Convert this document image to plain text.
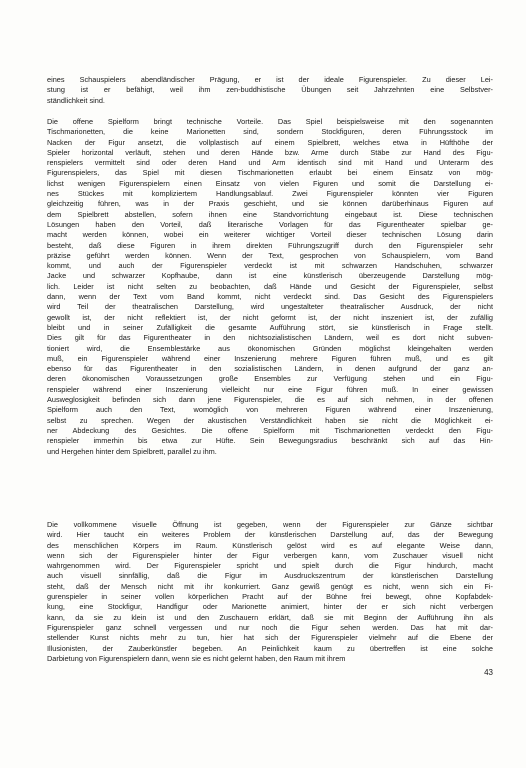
eines Schauspielers abendländischer Prägung, er ist der ideale Figurenspieler. Zu dieser Lei-
stung ist er befähigt, weil ihm zen-buddhistische Übungen seit Jahrzehnten eine Selbstver-
ständlichkeit sind.
Die offene Spielform bringt technische Vorteile. Das Spiel beispielsweise mit den sogenannten
Tischmarionetten, die keine Marionetten sind, sondern Stockfiguren, deren Führungsstock im
Nacken der Figur ansetzt, die vollplastisch auf einem Spielbrett, welches etwa in Hüfthöhe der
Spieler horizontal verläuft, stehen und deren Hände bzw. Arme durch Stäbe zur Hand des Figu-
renspielers vermittelt sind oder deren Hand und Arm identisch sind mit Hand und Unterarm des
Figurenspielers, das Spiel mit diesen Tischmarionetten erlaubt bei einem Einsatz von mög-
lichst wenigen Figurenspielern einen Einsatz von vielen Figuren und somit die Darstellung ei-
nes Stückes mit kompliziertem Handlungsablauf. Zwei Figurenspieler könnten vier Figuren
gleichzeitig führen, was in der Praxis geschieht, und sie können darüberhinaus Figuren auf
dem Spielbrett abstellen, sofern ihnen eine Standvorrichtung eingebaut ist. Diese technischen
Lösungen haben den Vorteil, daß literarische Vorlagen für das Figurentheater spielbar ge-
macht werden können, wobei ein weiterer wichtiger Vorteil dieser technischen Lösung darin
besteht, daß diese Figuren in ihrem direkten Führungszugriff durch den Figurenspieler sehr
präzise geführt werden können. Wenn der Text, gesprochen von Schauspielern, vom Band
kommt, und auch der Figurenspieler verdeckt ist mit schwarzen Handschuhen, schwarzer
Jacke und schwarzer Kopfhaube, dann ist eine künstlerisch überzeugende Darstellung mög-
lich. Leider ist nicht selten zu beobachten, daß Hände und Gesicht der Figurenspieler, selbst
dann, wenn der Text vom Band kommt, nicht verdeckt sind. Das Gesicht des Figurenspielers
wird Teil der theatralischen Darstellung, wird ungestalteter theatralischer Ausdruck, der nicht
gewollt ist, der nicht reflektiert ist, der nicht geformt ist, der nicht inszeniert ist, der zufällig
bleibt und in seiner Zufälligkeit die gesamte Aufführung stört, sie künstlerisch in Frage stellt.
Dies gilt für das Figurentheater in den nichtsozialistischen Ländern, weil es dort nicht subven-
tioniert wird, die Ensemblestärke aus ökonomischen Gründen möglichst kleingehalten werden
muß, ein Figurenspieler während einer Inszenierung mehrere Figuren führen muß, und es gilt
ebenso für das Figurentheater in den sozialistischen Ländern, in denen aufgrund der ganz an-
deren ökonomischen Voraussetzungen große Ensembles zur Verfügung stehen und ein Figu-
renspieler während einer Inszenierung vielleicht nur eine Figur führen muß. In einer gewissen
Ausweglosigkeit befinden sich dann jene Figurenspieler, die es auf sich nehmen, in der offenen
Spielform auch den Text, womöglich von mehreren Figuren während einer Inszenierung,
selbst zu sprechen. Wegen der akustischen Verständlichkeit haben sie nicht die Möglichkeit ei-
ner Abdeckung des Gesichtes. Die offene Spielform mit Tischmarionetten verdeckt den Figu-
renspieler immerhin bis etwa zur Hüfte. Sein Bewegungsradius beschränkt sich auf das Hin-
und Hergehen hinter dem Spielbrett, parallel zu ihm.
Die vollkommene visuelle Öffnung ist gegeben, wenn der Figurenspieler zur Gänze sichtbar
wird. Hier taucht ein weiteres Problem der künstlerischen Darstellung auf, das der Bewegung
des menschlichen Körpers im Raum. Künstlerisch gelöst wird es auf elegante Weise dann,
wenn sich der Figurenspieler hinter der Figur verbergen kann, vom Zuschauer visuell nicht
wahrgenommen wird. Der Figurenspieler spricht und spielt durch die Figur hindurch, macht
auch visuell sinnfällig, daß die Figur im Ausdruckszentrum der künstlerischen Darstellung
steht, daß der Mensch nicht mit ihr konkurriert. Ganz gewiß genügt es nicht, wenn sich ein Fi-
gurenspieler in seiner vollen körperlichen Pracht auf der Bühne frei bewegt, ohne Kopfabdek-
kung, eine Stockfigur, Handfigur oder Marionette animiert, hinter der er sich nicht verbergen
kann, da sie zu klein ist und den Zuschauern erklärt, daß sie mit Beginn der Aufführung ihn als
Figurenspieler ganz schnell vergessen und nur noch die Figur sehen werden. Das hat mit dar-
stellender Kunst nichts mehr zu tun, hier hat sich der Figurenspieler vielmehr auf die Ebene der
Illusionisten, der Zauberkünstler begeben. An Peinlichkeit kaum zu übertreffen ist eine solche
Darbietung von Figurenspielern dann, wenn sie es nicht gelernt haben, den Raum mit ihrem
43
